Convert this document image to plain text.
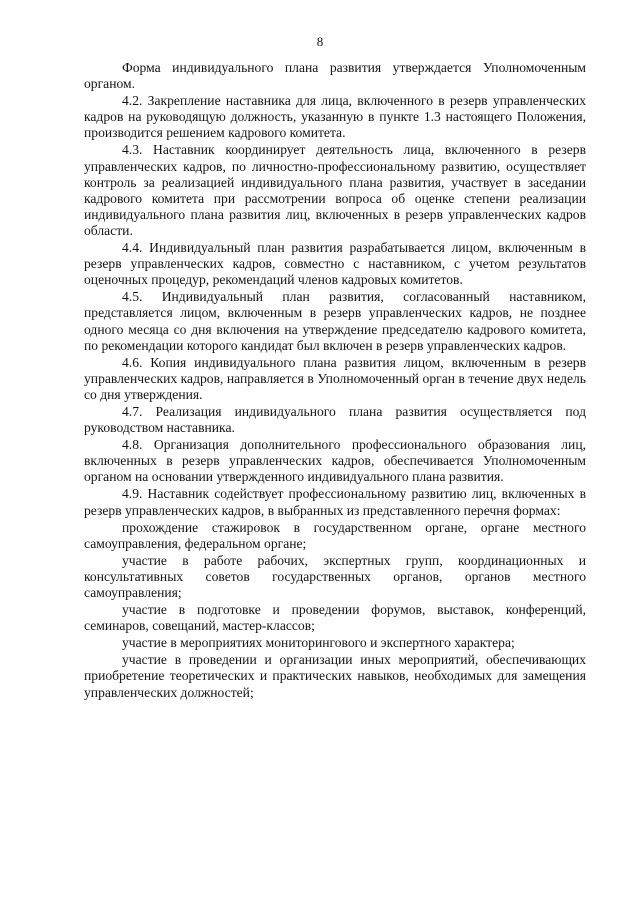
8

Форма индивидуального плана развития утверждается Уполномоченным органом.

4.2. Закрепление наставника для лица, включенного в резерв управленческих кадров на руководящую должность, указанную в пункте 1.3 настоящего Положения, производится решением кадрового комитета.

4.3. Наставник координирует деятельность лица, включенного в резерв управленческих кадров, по личностно-профессиональному развитию, осуществляет контроль за реализацией индивидуального плана развития, участвует в заседании кадрового комитета при рассмотрении вопроса об оценке степени реализации индивидуального плана развития лиц, включенных в резерв управленческих кадров области.

4.4. Индивидуальный план развития разрабатывается лицом, включенным в резерв управленческих кадров, совместно с наставником, с учетом результатов оценочных процедур, рекомендаций членов кадровых комитетов.

4.5. Индивидуальный план развития, согласованный наставником, представляется лицом, включенным в резерв управленческих кадров, не позднее одного месяца со дня включения на утверждение председателю кадрового комитета, по рекомендации которого кандидат был включен в резерв управленческих кадров.

4.6. Копия индивидуального плана развития лицом, включенным в резерв управленческих кадров, направляется в Уполномоченный орган в течение двух недель со дня утверждения.

4.7. Реализация индивидуального плана развития осуществляется под руководством наставника.

4.8. Организация дополнительного профессионального образования лиц, включенных в резерв управленческих кадров, обеспечивается Уполномоченным органом на основании утвержденного индивидуального плана развития.

4.9. Наставник содействует профессиональному развитию лиц, включенных в резерв управленческих кадров, в выбранных из представленного перечня формах:

прохождение стажировок в государственном органе, органе местного самоуправления, федеральном органе;

участие в работе рабочих, экспертных групп, координационных и консультативных советов государственных органов, органов местного самоуправления;

участие в подготовке и проведении форумов, выставок, конференций, семинаров, совещаний, мастер-классов;

участие в мероприятиях мониторингового и экспертного характера;

участие в проведении и организации иных мероприятий, обеспечивающих приобретение теоретических и практических навыков, необходимых для замещения управленческих должностей;
